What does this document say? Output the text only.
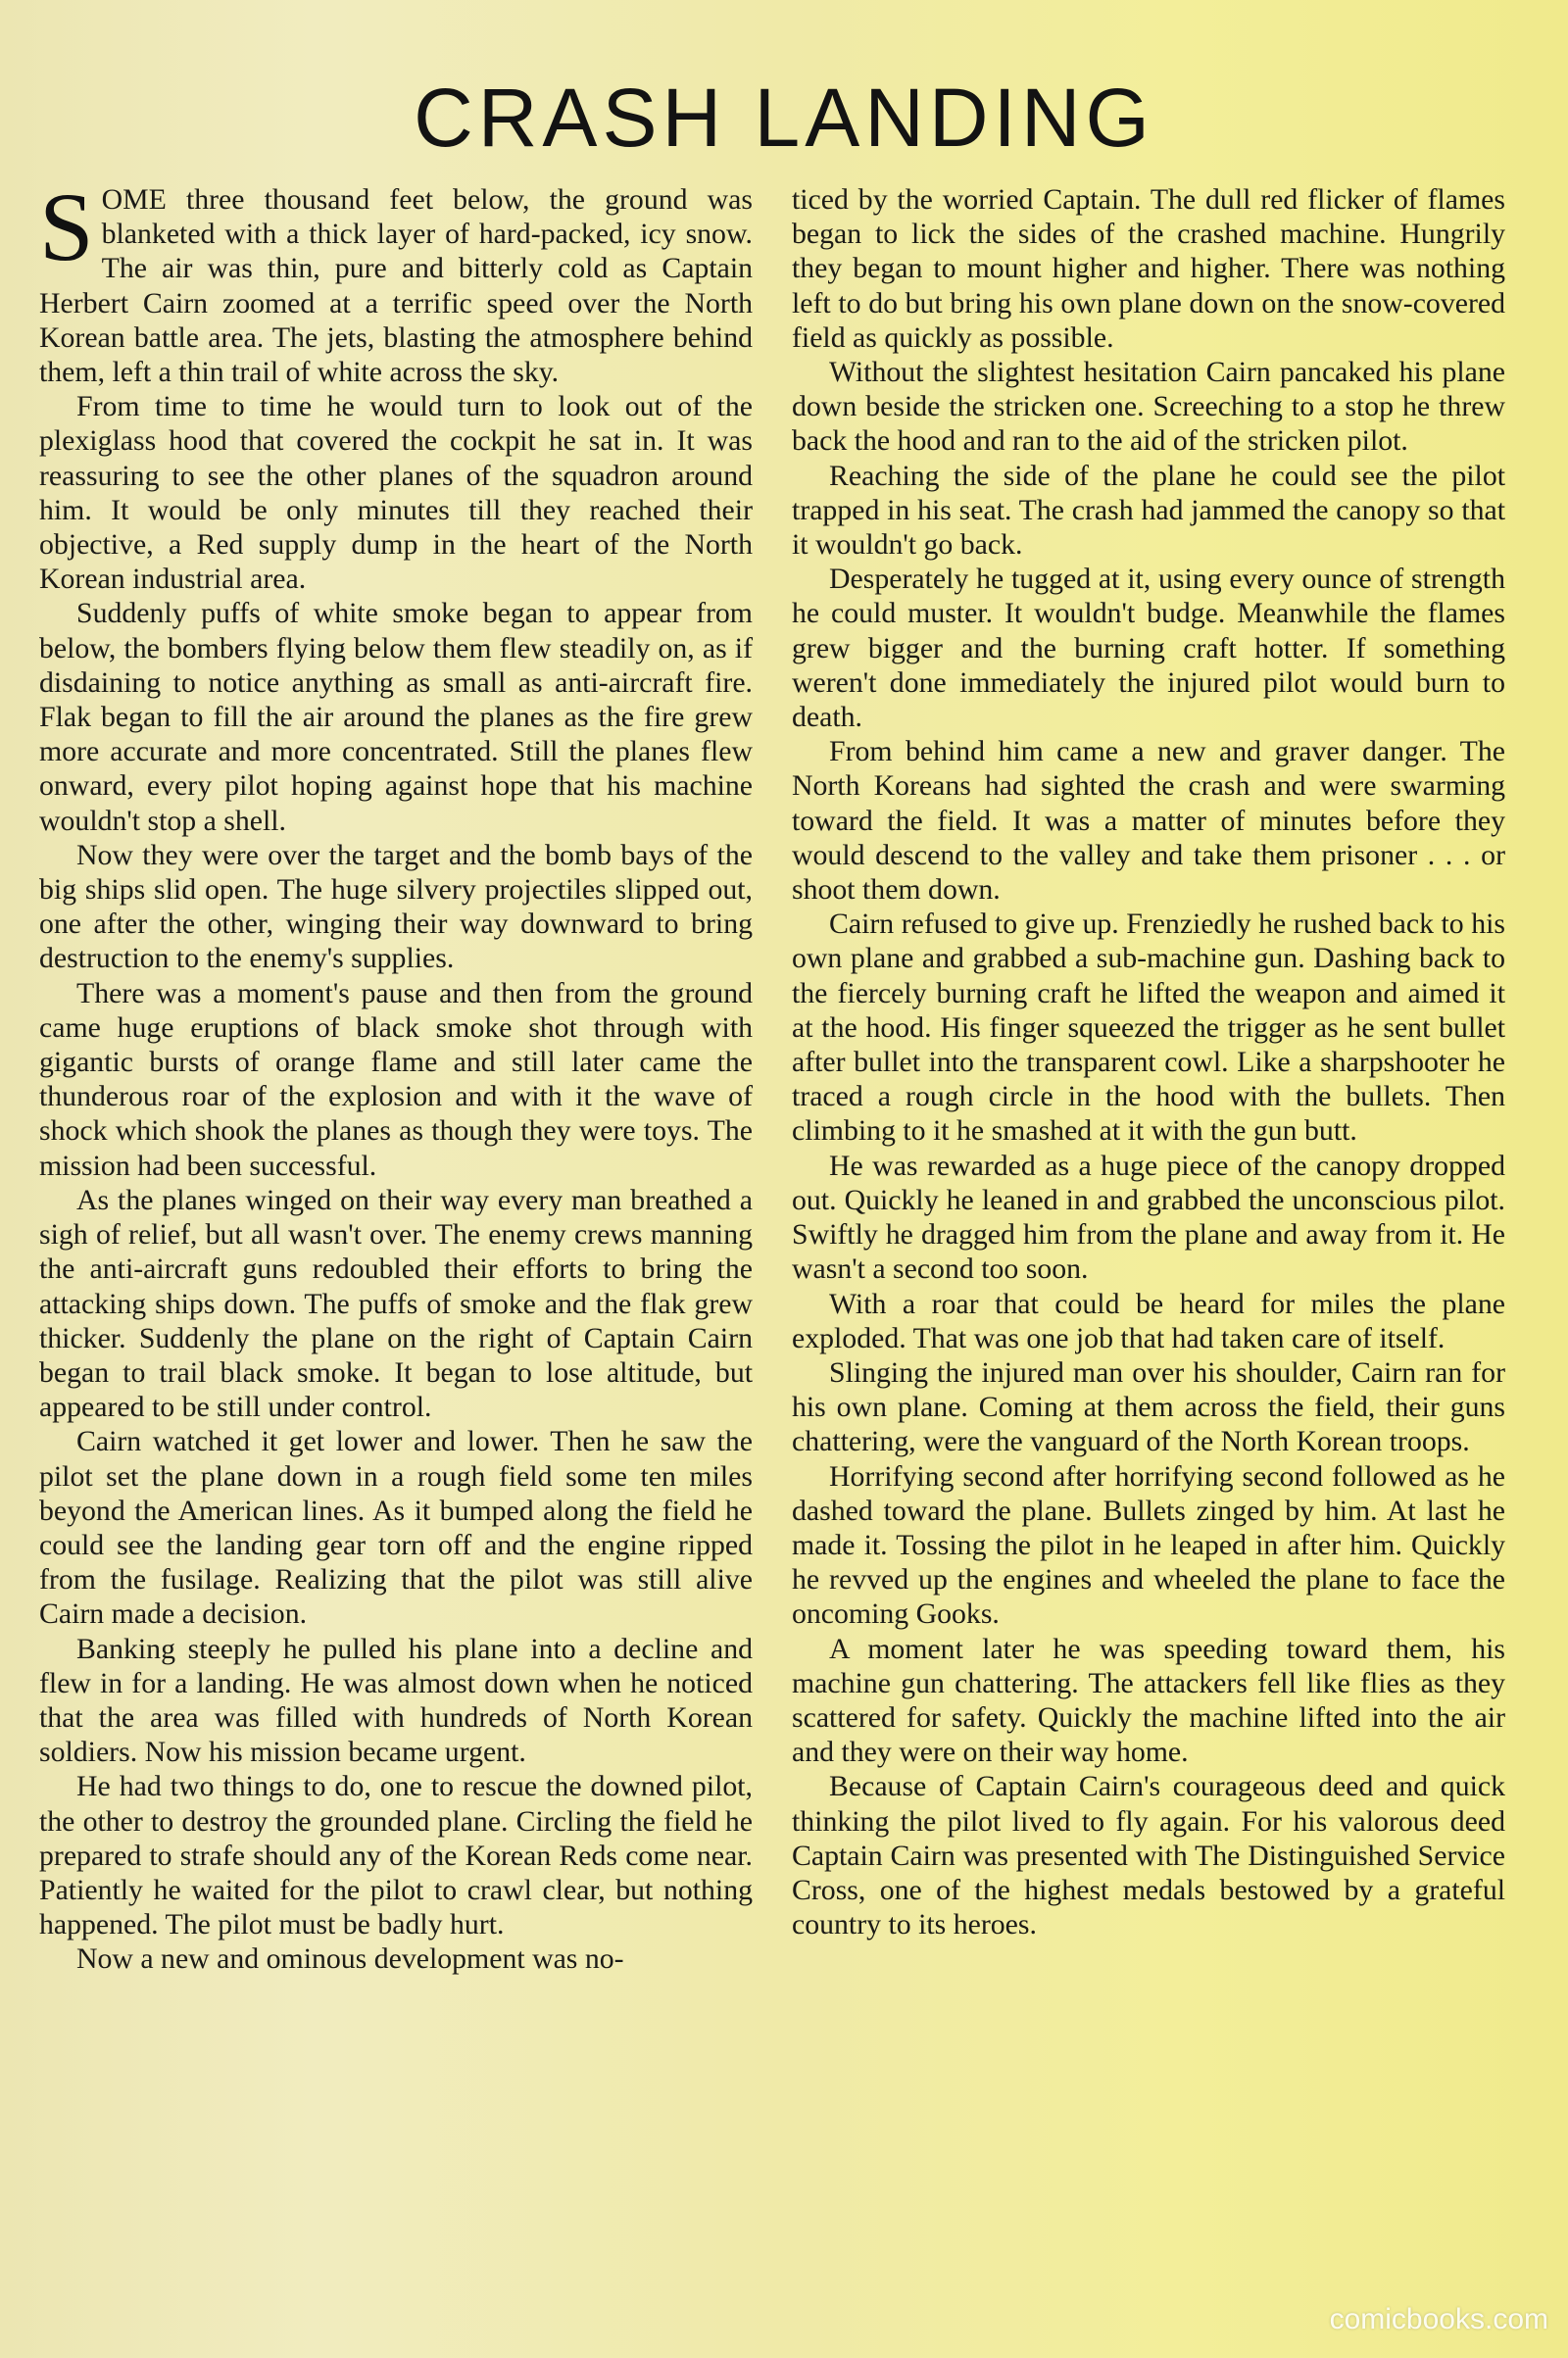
CRASH LANDING

SOME three thousand feet below, the ground was blanketed with a thick layer of hard-packed, icy snow. The air was thin, pure and bitterly cold as Captain Herbert Cairn zoomed at a terrific speed over the North Korean battle area. The jets, blasting the atmosphere behind them, left a thin trail of white across the sky.

From time to time he would turn to look out of the plexiglass hood that covered the cockpit he sat in. It was reassuring to see the other planes of the squadron around him. It would be only minutes till they reached their objective, a Red supply dump in the heart of the North Korean industrial area.

Suddenly puffs of white smoke began to appear from below, the bombers flying below them flew steadily on, as if disdaining to notice anything as small as anti-aircraft fire. Flak began to fill the air around the planes as the fire grew more accurate and more concentrated. Still the planes flew onward, every pilot hoping against hope that his machine wouldn't stop a shell.

Now they were over the target and the bomb bays of the big ships slid open. The huge silvery projectiles slipped out, one after the other, winging their way downward to bring destruction to the enemy's supplies.

There was a moment's pause and then from the ground came huge eruptions of black smoke shot through with gigantic bursts of orange flame and still later came the thunderous roar of the explosion and with it the wave of shock which shook the planes as though they were toys. The mission had been successful.

As the planes winged on their way every man breathed a sigh of relief, but all wasn't over. The enemy crews manning the anti-aircraft guns redoubled their efforts to bring the attacking ships down. The puffs of smoke and the flak grew thicker. Suddenly the plane on the right of Captain Cairn began to trail black smoke. It began to lose altitude, but appeared to be still under control.

Cairn watched it get lower and lower. Then he saw the pilot set the plane down in a rough field some ten miles beyond the American lines. As it bumped along the field he could see the landing gear torn off and the engine ripped from the fusilage. Realizing that the pilot was still alive Cairn made a decision.

Banking steeply he pulled his plane into a decline and flew in for a landing. He was almost down when he noticed that the area was filled with hundreds of North Korean soldiers. Now his mission became urgent.

He had two things to do, one to rescue the downed pilot, the other to destroy the grounded plane. Circling the field he prepared to strafe should any of the Korean Reds come near. Patiently he waited for the pilot to crawl clear, but nothing happened. The pilot must be badly hurt.

Now a new and ominous development was no-

ticed by the worried Captain. The dull red flicker of flames began to lick the sides of the crashed machine. Hungrily they began to mount higher and higher. There was nothing left to do but bring his own plane down on the snow-covered field as quickly as possible.

Without the slightest hesitation Cairn pancaked his plane down beside the stricken one. Screeching to a stop he threw back the hood and ran to the aid of the stricken pilot.

Reaching the side of the plane he could see the pilot trapped in his seat. The crash had jammed the canopy so that it wouldn't go back.

Desperately he tugged at it, using every ounce of strength he could muster. It wouldn't budge. Meanwhile the flames grew bigger and the burning craft hotter. If something weren't done immediately the injured pilot would burn to death.

From behind him came a new and graver danger. The North Koreans had sighted the crash and were swarming toward the field. It was a matter of minutes before they would descend to the valley and take them prisoner . . . or shoot them down.

Cairn refused to give up. Frenziedly he rushed back to his own plane and grabbed a sub-machine gun. Dashing back to the fiercely burning craft he lifted the weapon and aimed it at the hood. His finger squeezed the trigger as he sent bullet after bullet into the transparent cowl. Like a sharpshooter he traced a rough circle in the hood with the bullets. Then climbing to it he smashed at it with the gun butt.

He was rewarded as a huge piece of the canopy dropped out. Quickly he leaned in and grabbed the unconscious pilot. Swiftly he dragged him from the plane and away from it. He wasn't a second too soon.

With a roar that could be heard for miles the plane exploded. That was one job that had taken care of itself.

Slinging the injured man over his shoulder, Cairn ran for his own plane. Coming at them across the field, their guns chattering, were the vanguard of the North Korean troops.

Horrifying second after horrifying second followed as he dashed toward the plane. Bullets zinged by him. At last he made it. Tossing the pilot in he leaped in after him. Quickly he revved up the engines and wheeled the plane to face the oncoming Gooks.

A moment later he was speeding toward them, his machine gun chattering. The attackers fell like flies as they scattered for safety. Quickly the machine lifted into the air and they were on their way home.

Because of Captain Cairn's courageous deed and quick thinking the pilot lived to fly again. For his valorous deed Captain Cairn was presented with The Distinguished Service Cross, one of the highest medals bestowed by a grateful country to its heroes.

comicbooks.com
